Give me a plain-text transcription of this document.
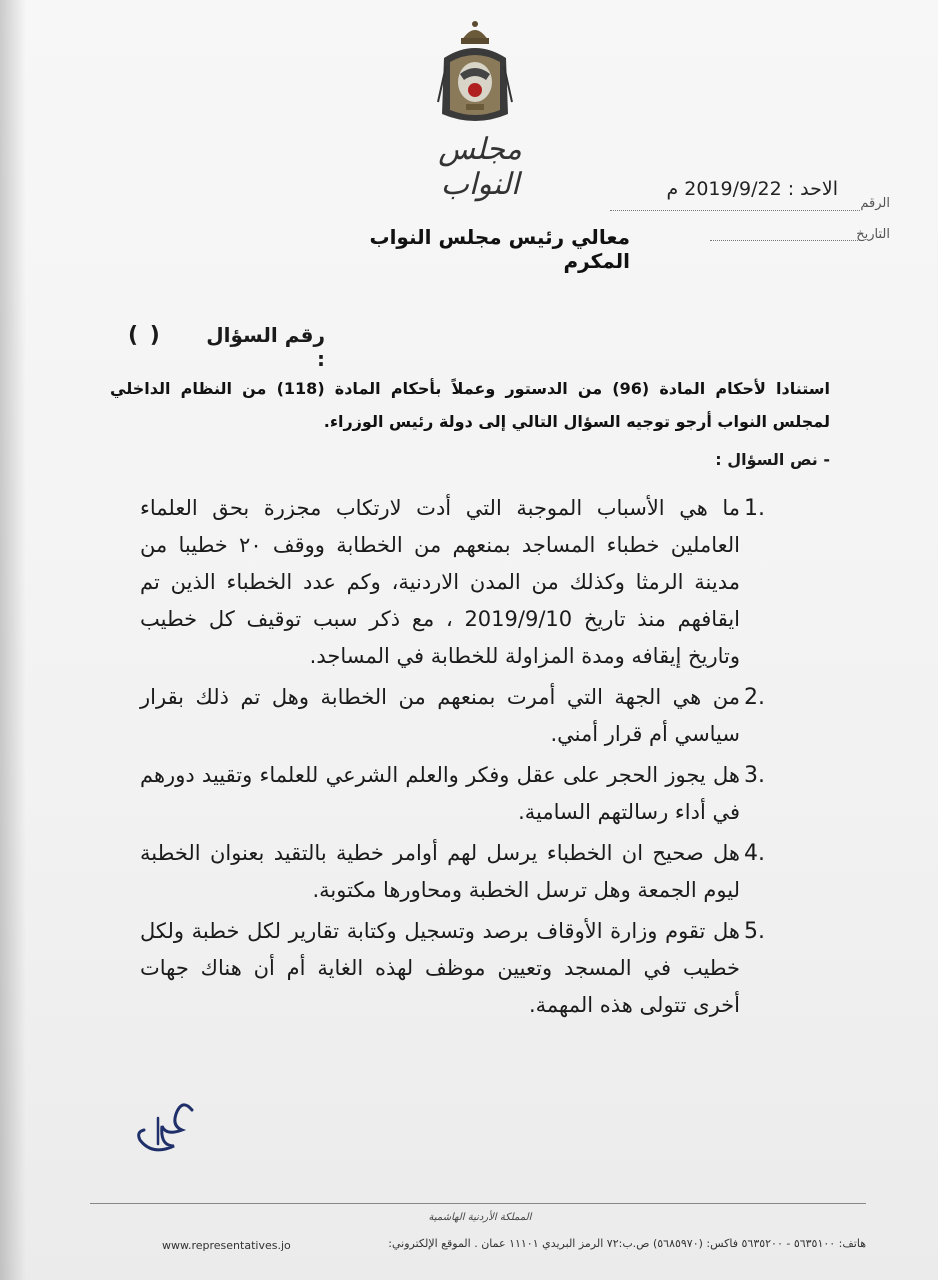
مجلس النواب
الرقم
الاحد : 2019/9/22 م
التاريخ
معالي رئيس مجلس النواب المكرم
رقم السؤال :
( )
استنادا لأحكام المادة (96) من الدستور وعملاً بأحكام المادة (118) من النظام الداخلي لمجلس النواب أرجو توجيه السؤال التالي إلى دولة رئيس الوزراء.
- نص السؤال :
1.
ما هي الأسباب الموجبة التي أدت لارتكاب مجزرة بحق العلماء العاملين خطباء المساجد بمنعهم من الخطابة ووقف ٢٠ خطيبا من مدينة الرمثا وكذلك من المدن الاردنية، وكم عدد الخطباء الذين تم ايقافهم منذ تاريخ 2019/9/10 ، مع ذكر سبب توقيف كل خطيب وتاريخ إيقافه ومدة المزاولة للخطابة في المساجد.
2.
من هي الجهة التي أمرت بمنعهم من الخطابة وهل تم ذلك بقرار سياسي أم قرار أمني.
3.
هل يجوز الحجر على عقل وفكر والعلم الشرعي للعلماء وتقييد دورهم في أداء رسالتهم السامية.
4.
هل صحيح ان الخطباء يرسل لهم أوامر خطية بالتقيد بعنوان الخطبة ليوم الجمعة وهل ترسل الخطبة ومحاورها مكتوبة.
5.
هل تقوم وزارة الأوقاف برصد وتسجيل وكتابة تقارير لكل خطبة ولكل خطيب في المسجد وتعيين موظف لهذه الغاية أم أن هناك جهات أخرى تتولى هذه المهمة.
المملكة الأردنية الهاشمية
هاتف: ٥٦٣٥١٠٠ - ٥٦٣٥٢٠٠ فاكس: (٥٦٨٥٩٧٠) ص.ب:٧٢ الرمز البريدي ١١١٠١ عمان . الموقع الإلكتروني:
www.representatives.jo
